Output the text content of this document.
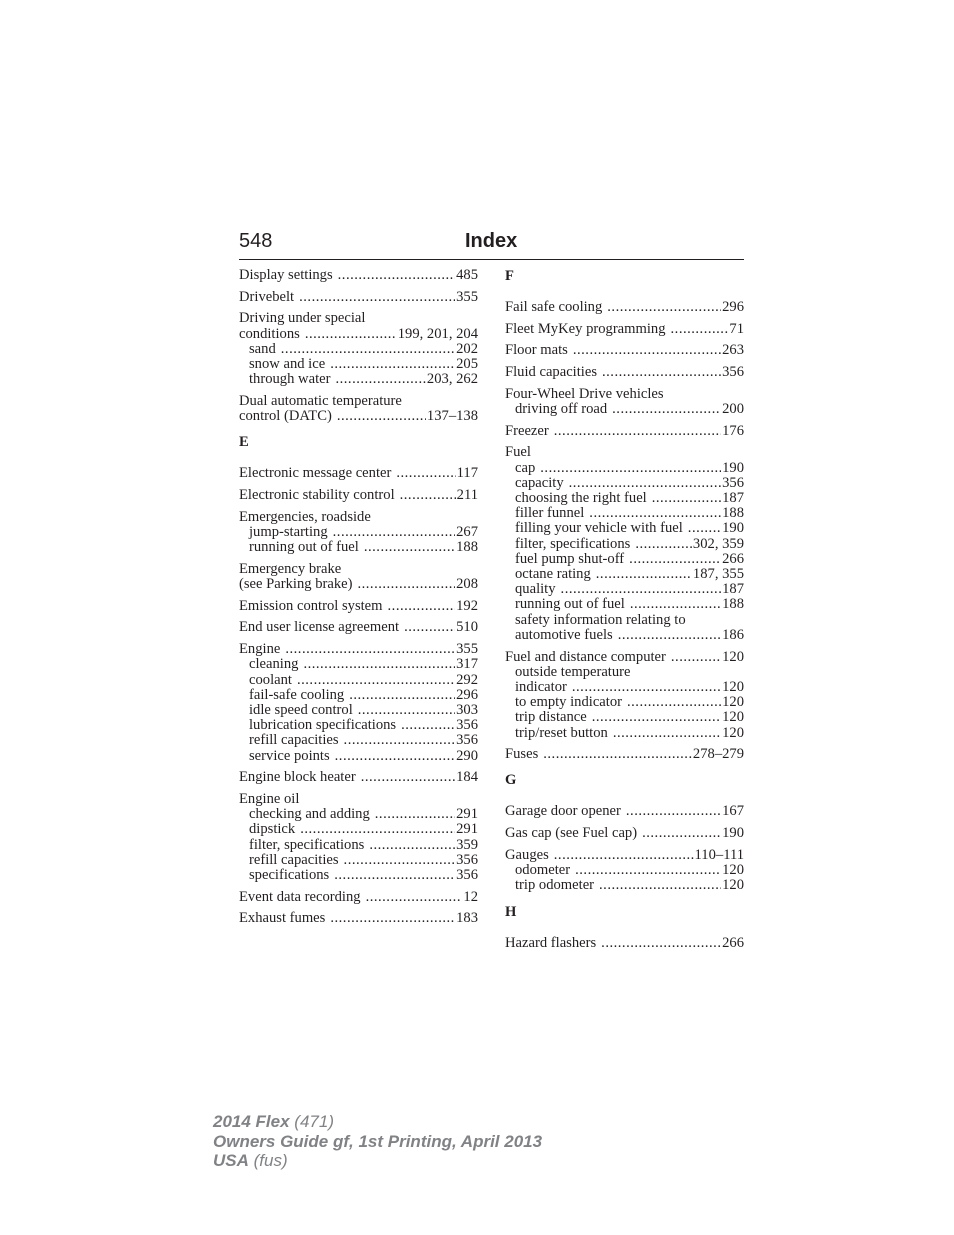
548	Index
Display settings .....	485
Drivebelt .....	355
Driving under special
conditions .....	199, 201, 204
sand .....	202
snow and ice .....	205
through water .....	203, 262
Dual automatic temperature
control (DATC) .....	137–138
E
Electronic message center .....	117
Electronic stability control .....	211
Emergencies, roadside
jump-starting .....	267
running out of fuel .....	188
Emergency brake
(see Parking brake) .....	208
Emission control system .....	192
End user license agreement .....	510
Engine .....	355
cleaning .....	317
coolant .....	292
fail-safe cooling .....	296
idle speed control .....	303
lubrication specifications .....	356
refill capacities .....	356
service points .....	290
Engine block heater .....	184
Engine oil
checking and adding .....	291
dipstick .....	291
filter, specifications .....	359
refill capacities .....	356
specifications .....	356
Event data recording .....	12
Exhaust fumes .....	183
F
Fail safe cooling .....	296
Fleet MyKey programming .....	71
Floor mats .....	263
Fluid capacities .....	356
Four-Wheel Drive vehicles
driving off road .....	200
Freezer .....	176
Fuel
cap .....	190
capacity .....	356
choosing the right fuel .....	187
filler funnel .....	188
filling your vehicle with fuel .....	190
filter, specifications .....	302, 359
fuel pump shut-off .....	266
octane rating .....	187, 355
quality .....	187
running out of fuel .....	188
safety information relating to
automotive fuels .....	186
Fuel and distance computer .....	120
outside temperature
indicator .....	120
to empty indicator .....	120
trip distance .....	120
trip/reset button .....	120
Fuses .....	278–279
G
Garage door opener .....	167
Gas cap (see Fuel cap) .....	190
Gauges .....	110–111
odometer .....	120
trip odometer .....	120
H
Hazard flashers .....	266
2014 Flex (471)
Owners Guide gf, 1st Printing, April 2013
USA (fus)
